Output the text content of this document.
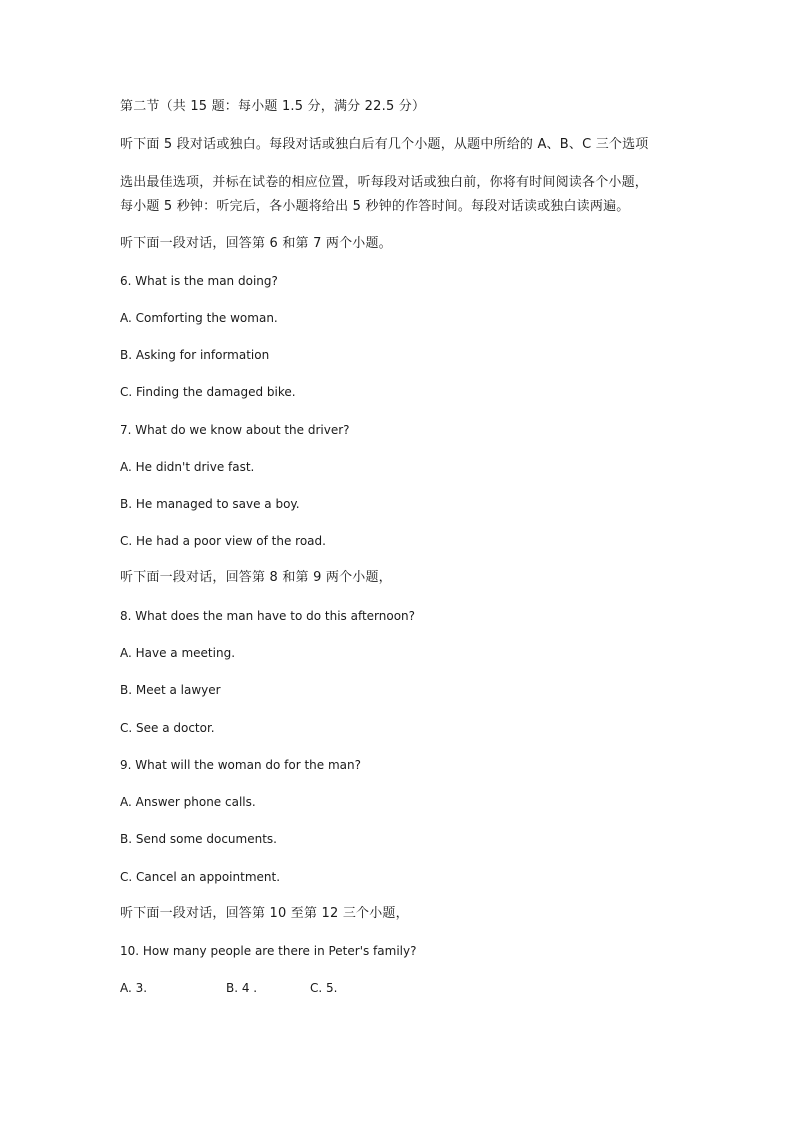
第二节（共 15 题：每小题 1.5 分，满分 22.5 分）
听下面 5 段对话或独白。每段对话或独白后有几个小题，从题中所给的 A、B、C 三个选项
选出最佳选项，并标在试卷的相应位置，听每段对话或独白前，你将有时间阅读各个小题，
每小题 5 秒钟：听完后，各小题将给出 5 秒钟的作答时间。每段对话读或独白读两遍。
听下面一段对话，回答第 6 和第 7 两个小题。
6. What is the man doing?
A. Comforting the woman.
B. Asking for information
C. Finding the damaged bike.
7. What do we know about the driver?
A. He didn't drive fast.
B. He managed to save a boy.
C. He had a poor view of the road.
听下面一段对话，回答第 8 和第 9 两个小题，
8. What does the man have to do this afternoon?
A. Have a meeting.
B. Meet a lawyer
C. See a doctor.
9. What will the woman do for the man?
A. Answer phone calls.
B. Send some documents.
C. Cancel an appointment.
听下面一段对话，回答第 10 至第 12 三个小题，
10. How many people are there in Peter's family?
A. 3.	B. 4 .	C. 5.
